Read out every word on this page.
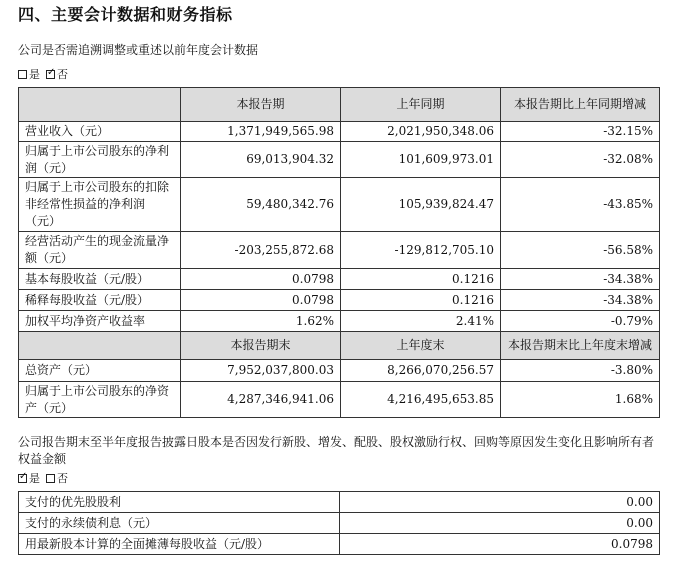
四、主要会计数据和财务指标
公司是否需追溯调整或重述以前年度会计数据
是 ✓ 否
	本报告期	上年同期	本报告期比上年同期增减
营业收入（元）	1,371,949,565.98	2,021,950,348.06	-32.15%
归属于上市公司股东的净利润（元）	69,013,904.32	101,609,973.01	-32.08%
归属于上市公司股东的扣除非经常性损益的净利润（元）	59,480,342.76	105,939,824.47	-43.85%
经营活动产生的现金流量净额（元）	-203,255,872.68	-129,812,705.10	-56.58%
基本每股收益（元/股）	0.0798	0.1216	-34.38%
稀释每股收益（元/股）	0.0798	0.1216	-34.38%
加权平均净资产收益率	1.62%	2.41%	-0.79%
	本报告期末	上年度末	本报告期末比上年度末增减
总资产（元）	7,952,037,800.03	8,266,070,256.57	-3.80%
归属于上市公司股东的净资产（元）	4,287,346,941.06	4,216,495,653.85	1.68%
公司报告期末至半年度报告披露日股本是否因发行新股、增发、配股、股权激励行权、回购等原因发生变化且影响所有者权益金额
✓是 否
支付的优先股股利	0.00
支付的永续债利息（元）	0.00
用最新股本计算的全面摊薄每股收益（元/股）	0.0798
